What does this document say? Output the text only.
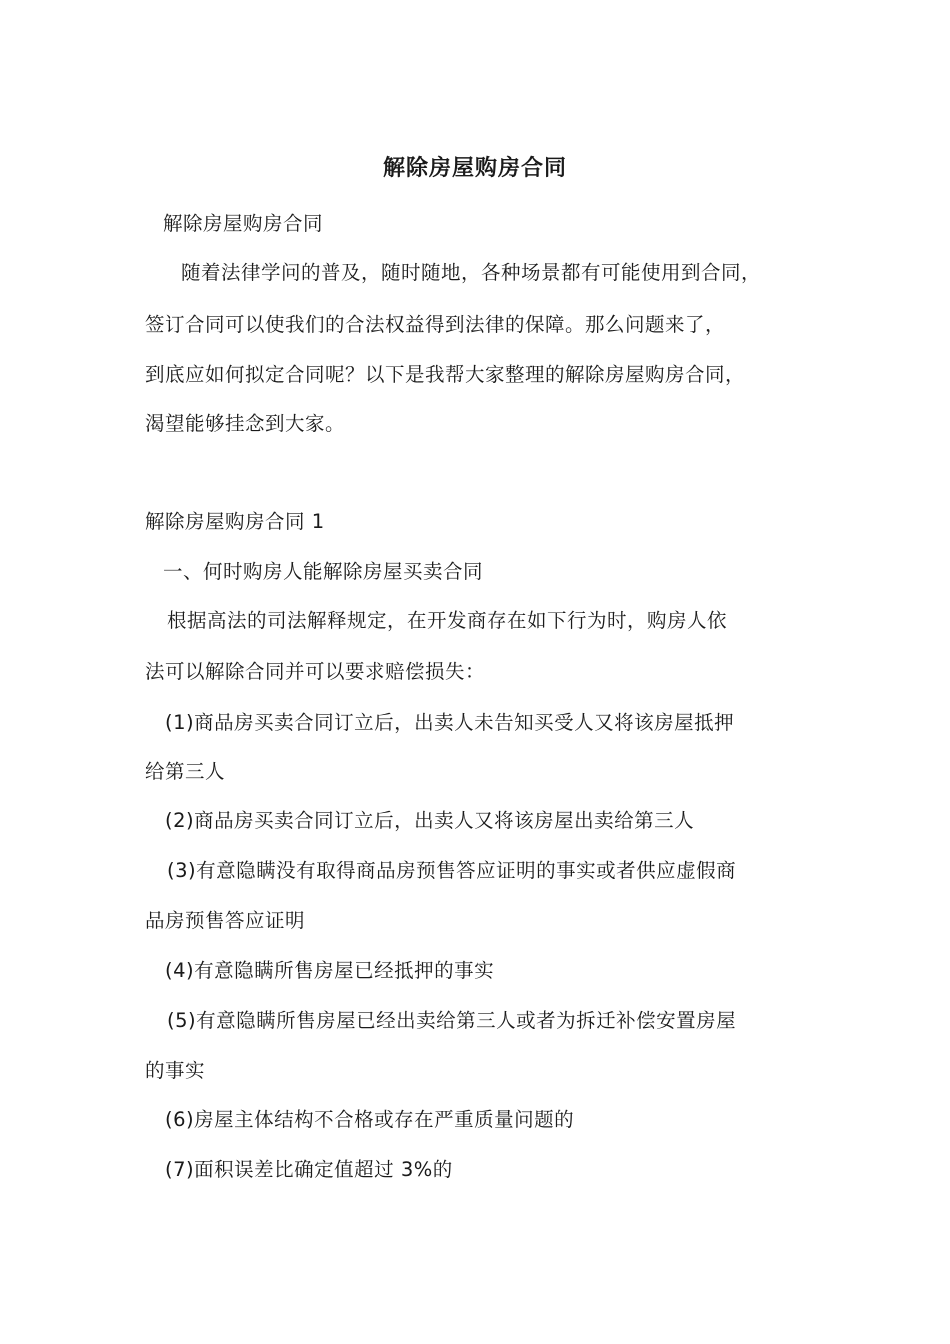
解除房屋购房合同
解除房屋购房合同
随着法律学问的普及，随时随地，各种场景都有可能使用到合同，
签订合同可以使我们的合法权益得到法律的保障。那么问题来了，
到底应如何拟定合同呢？以下是我帮大家整理的解除房屋购房合同，
渴望能够挂念到大家。
解除房屋购房合同 1
一、何时购房人能解除房屋买卖合同
根据高法的司法解释规定，在开发商存在如下行为时，购房人依
法可以解除合同并可以要求赔偿损失：
(1)商品房买卖合同订立后，出卖人未告知买受人又将该房屋抵押
给第三人
(2)商品房买卖合同订立后，出卖人又将该房屋出卖给第三人
(3)有意隐瞒没有取得商品房预售答应证明的事实或者供应虚假商
品房预售答应证明
(4)有意隐瞒所售房屋已经抵押的事实
(5)有意隐瞒所售房屋已经出卖给第三人或者为拆迁补偿安置房屋
的事实
(6)房屋主体结构不合格或存在严重质量问题的
(7)面积误差比确定值超过 3%的
